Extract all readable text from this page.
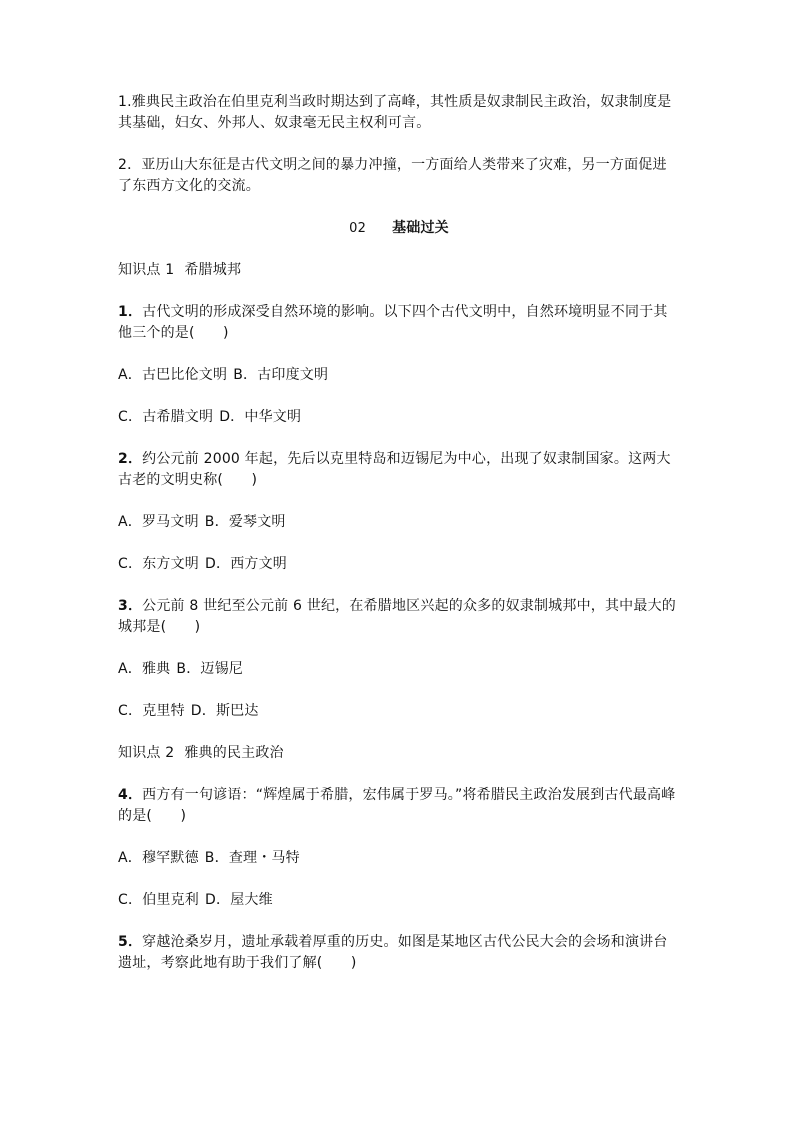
1.雅典民主政治在伯里克利当政时期达到了高峰，其性质是奴隶制民主政治，奴隶制度是其基础，妇女、外邦人、奴隶毫无民主权利可言。

2．亚历山大东征是古代文明之间的暴力冲撞，一方面给人类带来了灾难，另一方面促进了东西方文化的交流。

02 基础过关
知识点 1 希腊城邦

1．古代文明的形成深受自然环境的影响。以下四个古代文明中，自然环境明显不同于其他三个的是(　　)

A．古巴比伦文明 B．古印度文明
C．古希腊文明 D．中华文明

2．约公元前 2000 年起，先后以克里特岛和迈锡尼为中心，出现了奴隶制国家。这两大古老的文明史称(　　)

A．罗马文明 B．爱琴文明
C．东方文明 D．西方文明

3．公元前 8 世纪至公元前 6 世纪，在希腊地区兴起的众多的奴隶制城邦中，其中最大的城邦是(　　)

A．雅典 B．迈锡尼
C．克里特 D．斯巴达
知识点 2 雅典的民主政治

4．西方有一句谚语：“辉煌属于希腊，宏伟属于罗马。”将希腊民主政治发展到古代最高峰的是(　　)

A．穆罕默德 B．查理・马特
C．伯里克利 D．屋大维

5．穿越沧桑岁月，遗址承载着厚重的历史。如图是某地区古代公民大会的会场和演讲台遗址，考察此地有助于我们了解(　　)
